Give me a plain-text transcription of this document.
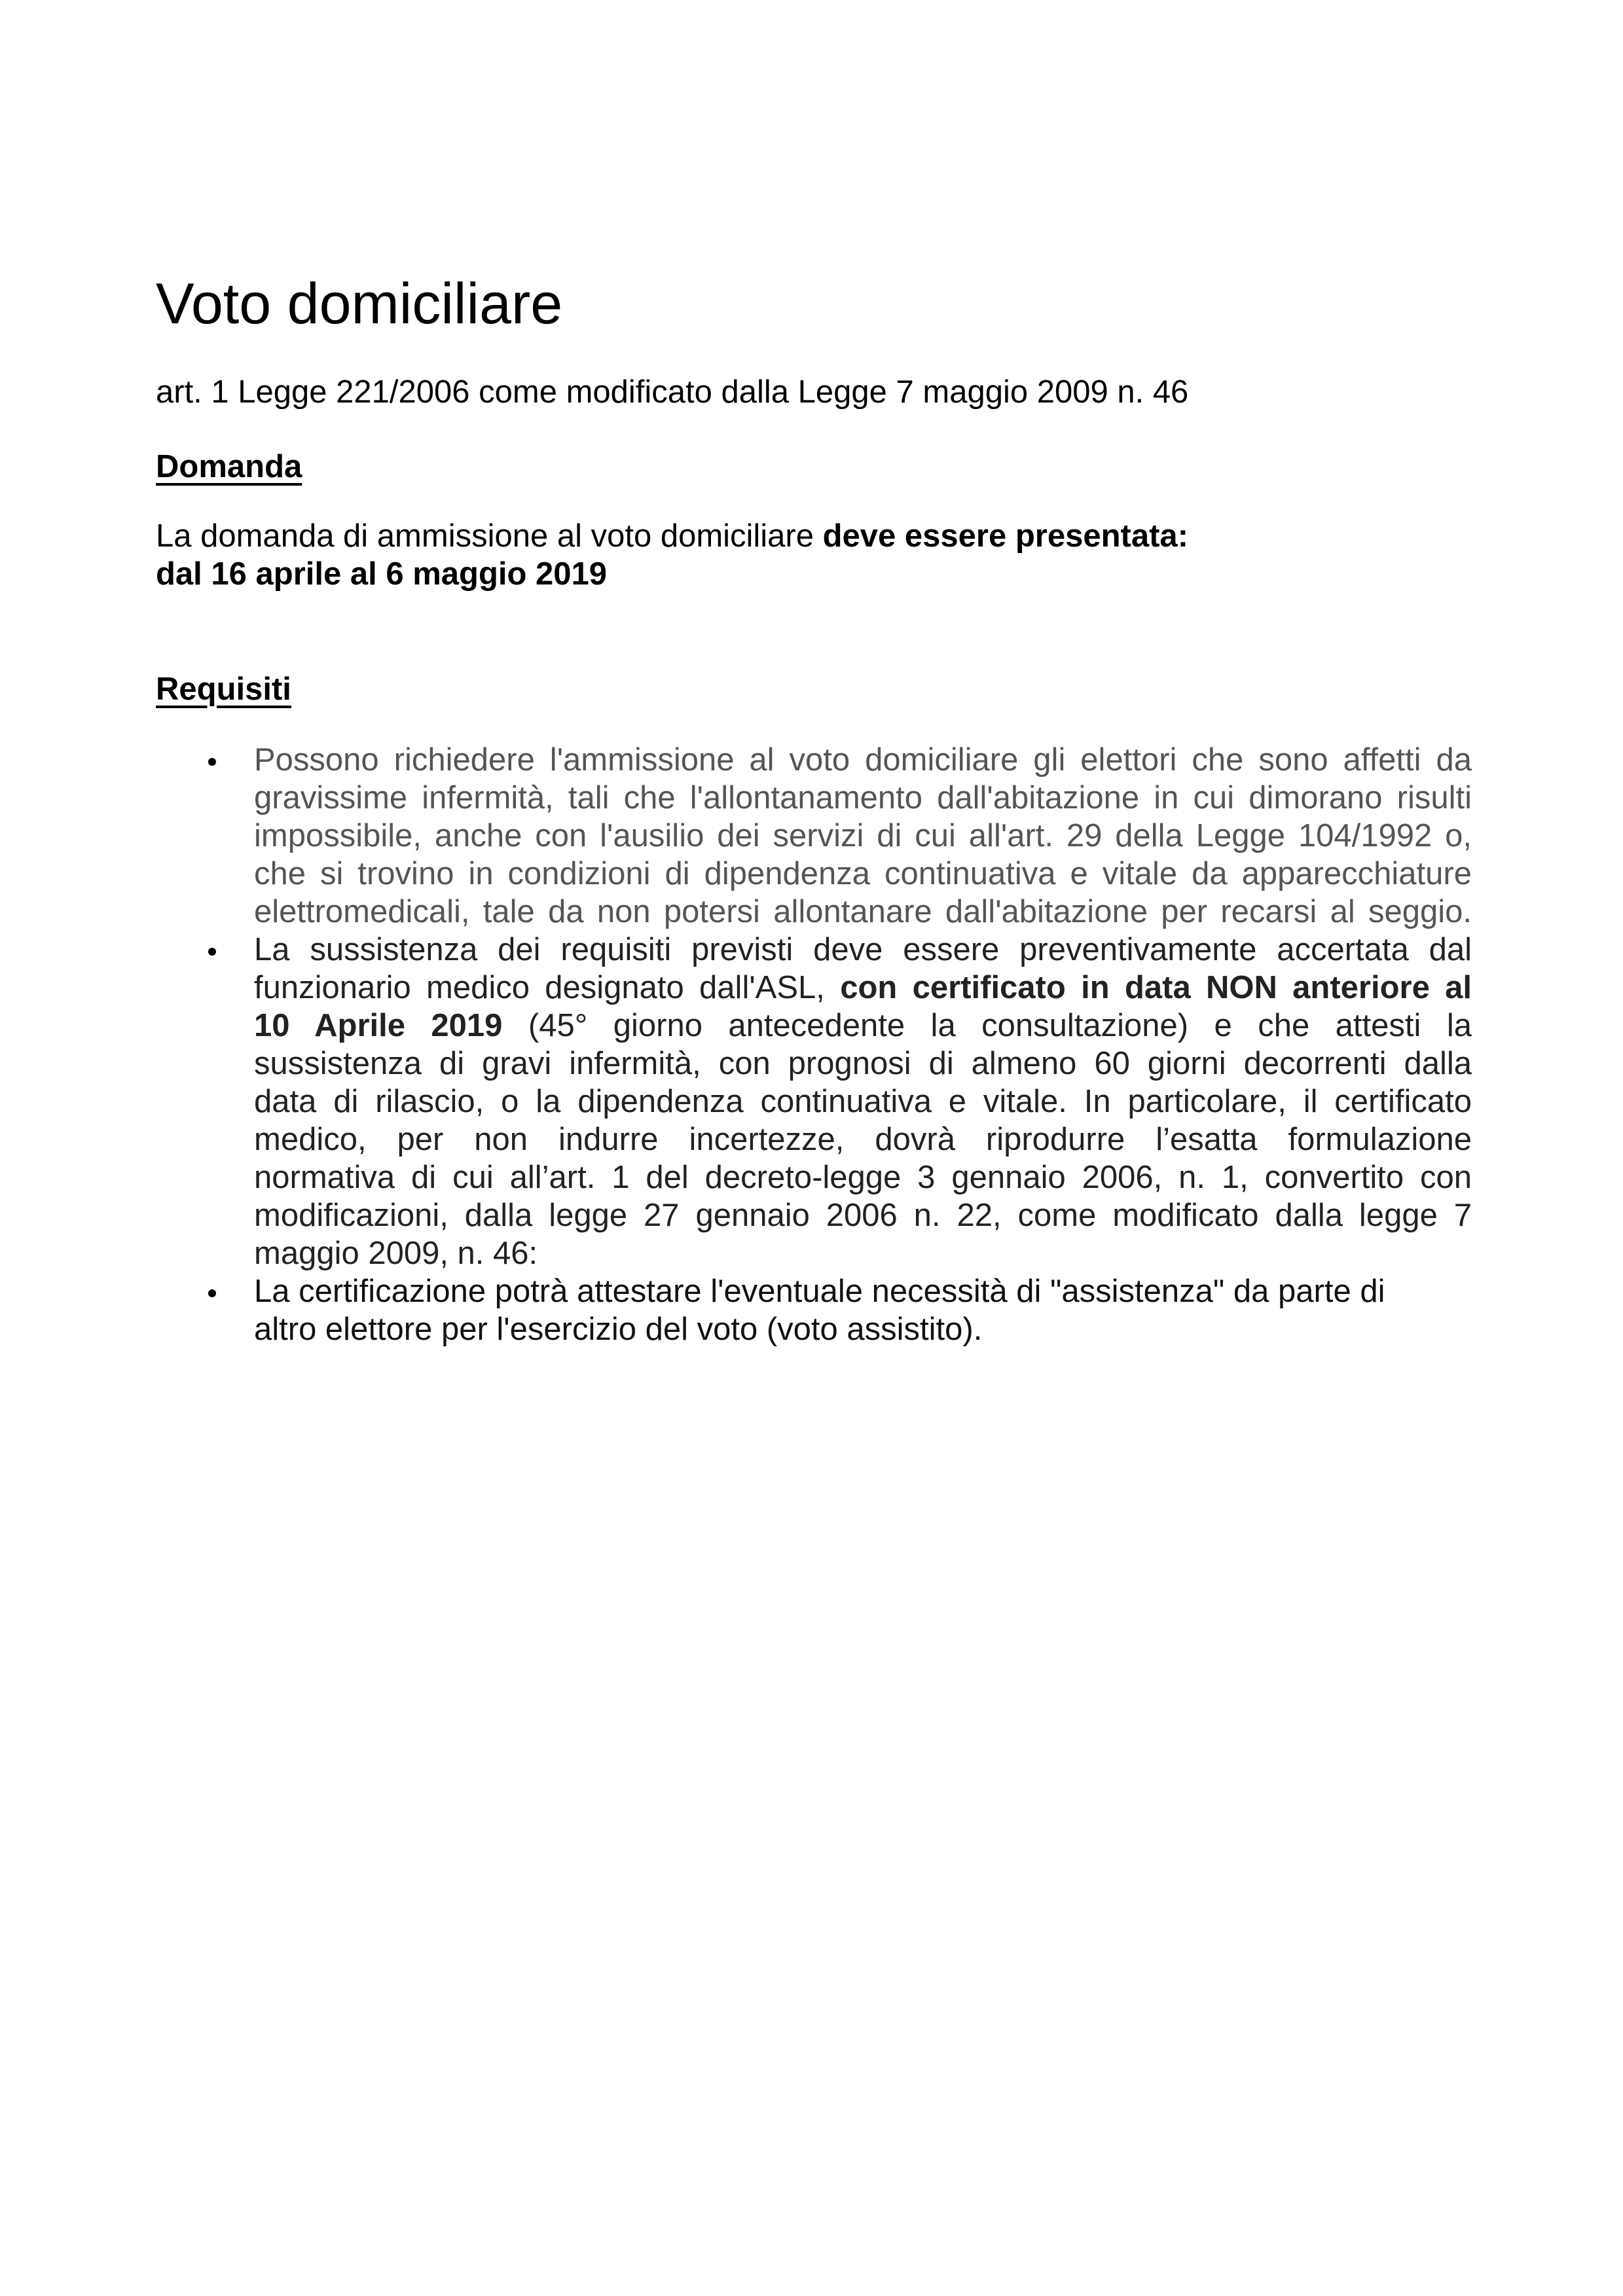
Voto domiciliare

art. 1 Legge 221/2006 come modificato dalla Legge 7 maggio 2009 n. 46

Domanda

La domanda di ammissione al voto domiciliare deve essere presentata:
dal 16 aprile al 6 maggio 2019

Requisiti
Possono richiedere l'ammissione al voto domiciliare gli elettori che sono affetti da
gravissime infermità, tali che l'allontanamento dall'abitazione in cui dimorano risulti
impossibile, anche con l'ausilio dei servizi di cui all'art. 29 della Legge 104/1992 o,
che si trovino in condizioni di dipendenza continuativa e vitale da apparecchiature
elettromedicali, tale da non potersi allontanare dall'abitazione per recarsi al seggio.
La sussistenza dei requisiti previsti deve essere preventivamente accertata dal
funzionario medico designato dall'ASL, con certificato in data NON anteriore al
10 Aprile 2019 (45° giorno antecedente la consultazione) e che attesti la
sussistenza di gravi infermità, con prognosi di almeno 60 giorni decorrenti dalla
data di rilascio, o la dipendenza continuativa e vitale. In particolare, il certificato
medico, per non indurre incertezze, dovrà riprodurre l’esatta formulazione
normativa di cui all’art. 1 del decreto-legge 3 gennaio 2006, n. 1, convertito con
modificazioni, dalla legge 27 gennaio 2006 n. 22, come modificato dalla legge 7
maggio 2009, n. 46:
La certificazione potrà attestare l'eventuale necessità di "assistenza" da parte di
altro elettore per l'esercizio del voto (voto assistito).
